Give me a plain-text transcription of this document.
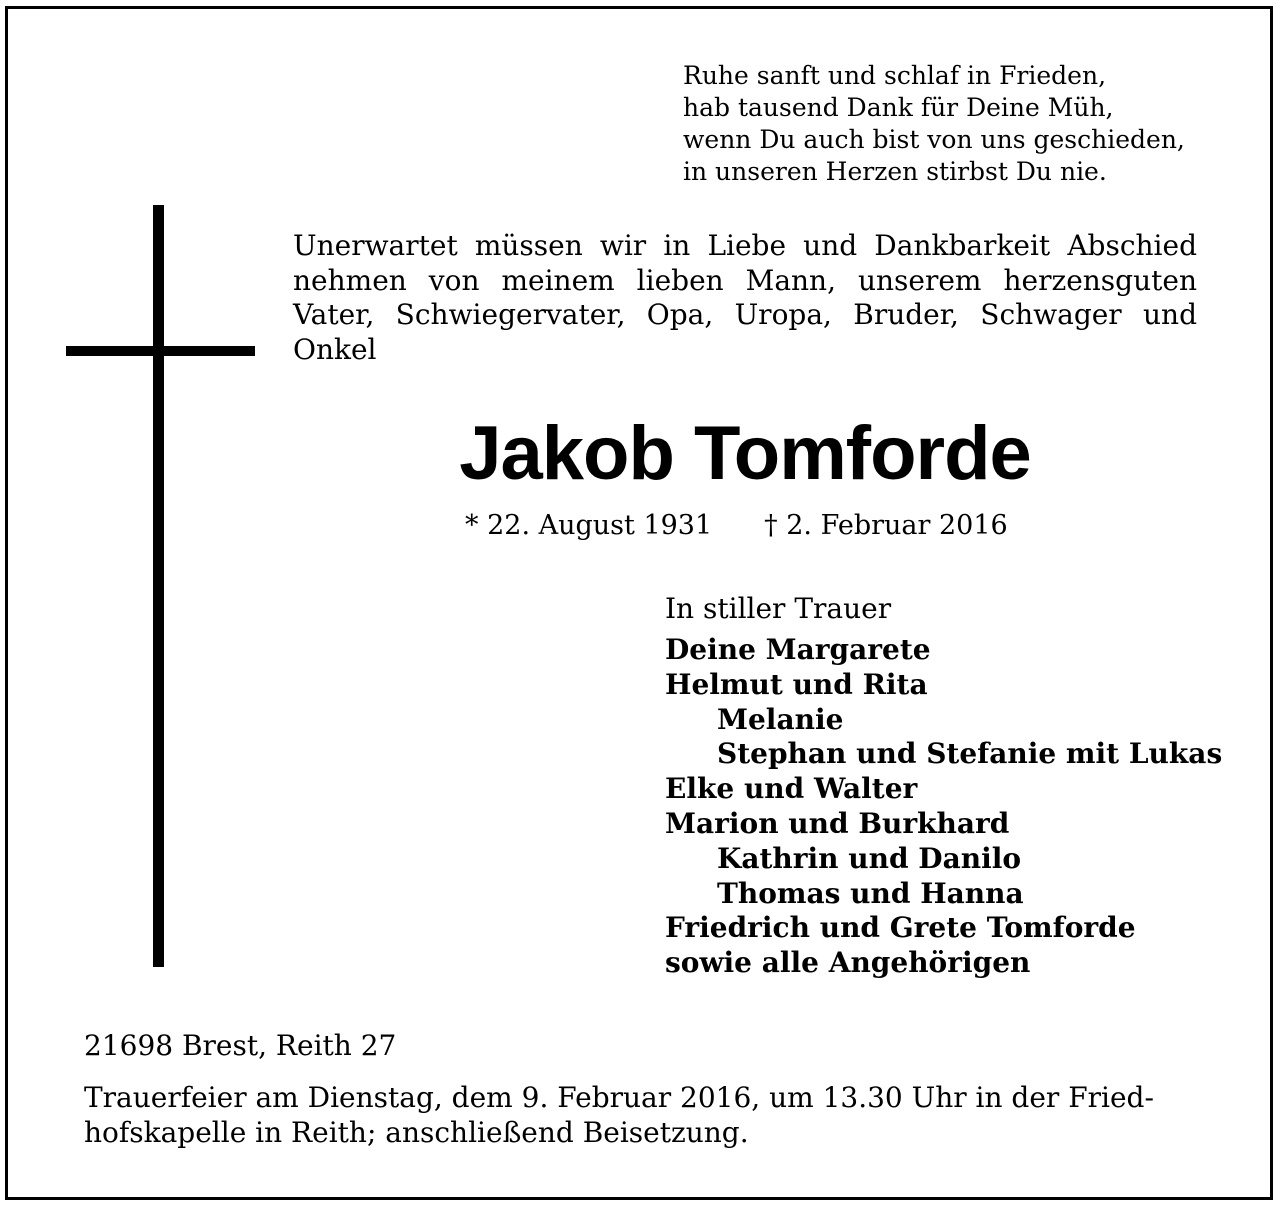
Ruhe sanft und schlaf in Frieden,
hab tausend Dank für Deine Müh,
wenn Du auch bist von uns geschieden,
in unseren Herzen stirbst Du nie.
Unerwartet müssen wir in Liebe und Dankbarkeit Abschied nehmen von meinem lieben Mann, unserem herzensguten Vater, Schwiegervater, Opa, Uropa, Bruder, Schwager und Onkel
Jakob Tomforde
* 22. August 1931 † 2. Februar 2016
In stiller Trauer
Deine Margarete
Helmut und Rita
Melanie
Stephan und Stefanie mit Lukas
Elke und Walter
Marion und Burkhard
Kathrin und Danilo
Thomas und Hanna
Friedrich und Grete Tomforde
sowie alle Angehörigen
21698 Brest, Reith 27
Trauerfeier am Dienstag, dem 9. Februar 2016, um 13.30 Uhr in der Fried-
hofskapelle in Reith; anschließend Beisetzung.
